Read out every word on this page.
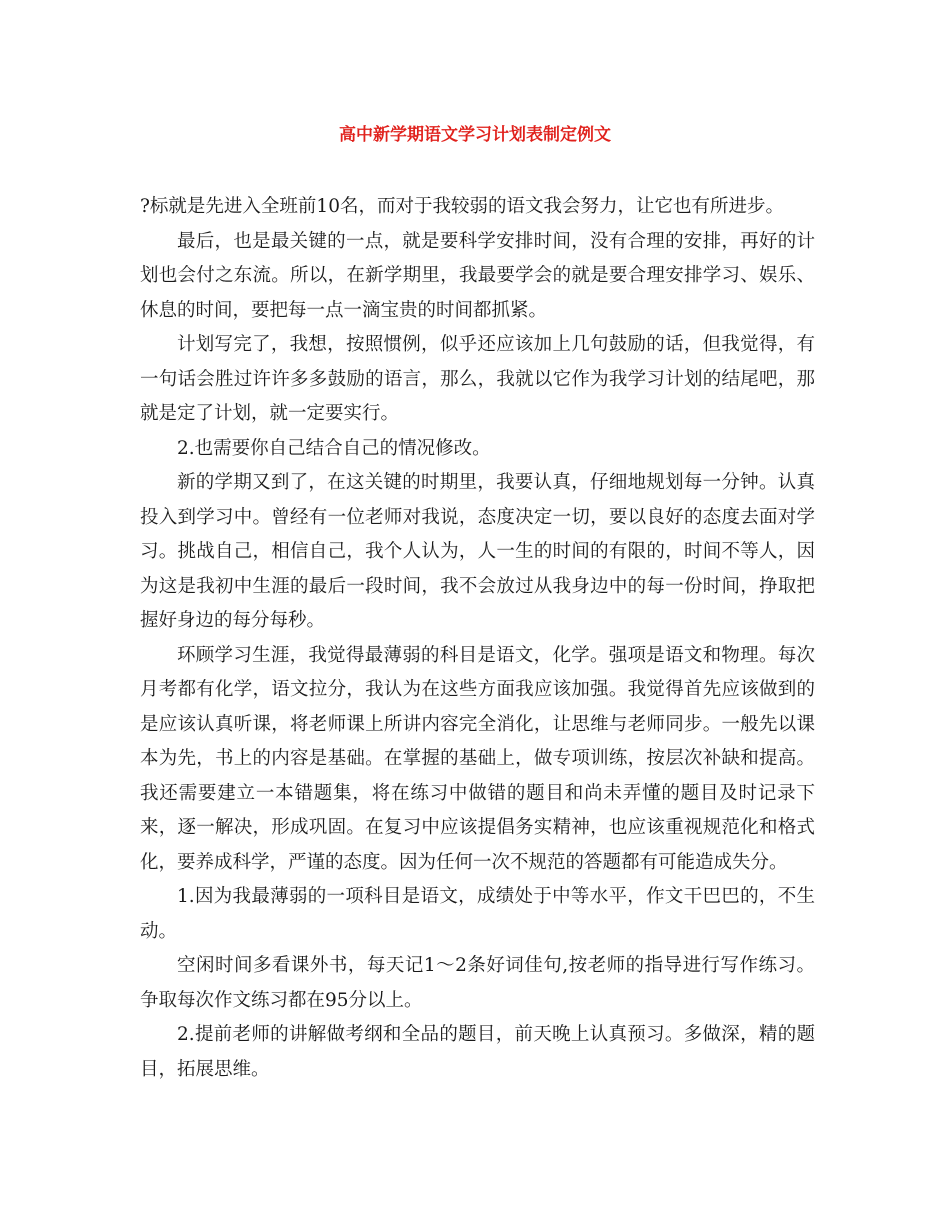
高中新学期语文学习计划表制定例文

?标就是先进入全班前10名，而对于我较弱的语文我会努力，让它也有所进步。

最后，也是最关键的一点，就是要科学安排时间，没有合理的安排，再好的计划也会付之东流。所以，在新学期里，我最要学会的就是要合理安排学习、娱乐、休息的时间，要把每一点一滴宝贵的时间都抓紧。

计划写完了，我想，按照惯例，似乎还应该加上几句鼓励的话，但我觉得，有一句话会胜过许许多多鼓励的语言，那么，我就以它作为我学习计划的结尾吧，那就是定了计划，就一定要实行。

2.也需要你自己结合自己的情况修改。

新的学期又到了，在这关键的时期里，我要认真，仔细地规划每一分钟。认真投入到学习中。曾经有一位老师对我说，态度决定一切，要以良好的态度去面对学习。挑战自己，相信自己，我个人认为，人一生的时间的有限的，时间不等人，因为这是我初中生涯的最后一段时间，我不会放过从我身边中的每一份时间，挣取把握好身边的每分每秒。

环顾学习生涯，我觉得最薄弱的科目是语文，化学。强项是语文和物理。每次月考都有化学，语文拉分，我认为在这些方面我应该加强。我觉得首先应该做到的是应该认真听课，将老师课上所讲内容完全消化，让思维与老师同步。一般先以课本为先，书上的内容是基础。在掌握的基础上，做专项训练，按层次补缺和提高。我还需要建立一本错题集，将在练习中做错的题目和尚未弄懂的题目及时记录下来，逐一解决，形成巩固。在复习中应该提倡务实精神，也应该重视规范化和格式化，要养成科学，严谨的态度。因为任何一次不规范的答题都有可能造成失分。

1.因为我最薄弱的一项科目是语文，成绩处于中等水平，作文干巴巴的，不生动。

空闲时间多看课外书，每天记1～2条好词佳句,按老师的指导进行写作练习。争取每次作文练习都在95分以上。

2.提前老师的讲解做考纲和全品的题目，前天晚上认真预习。多做深，精的题目，拓展思维。
